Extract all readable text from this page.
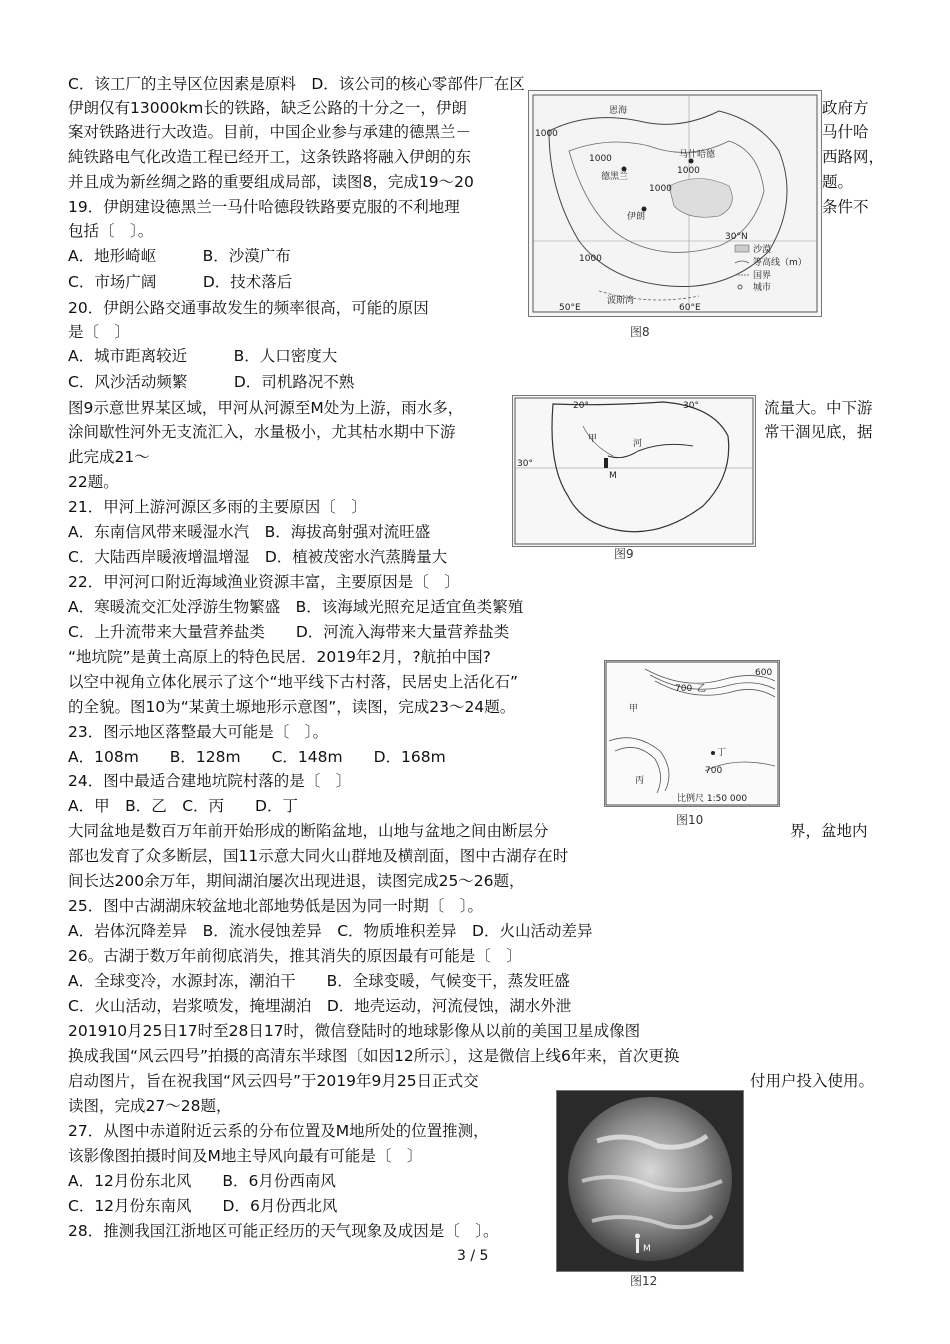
C．该工厂的主导区位因素是原料　D．该公司的核心零部件厂在区
伊朗仅有13000km长的铁路，缺乏公路的十分之一，伊朗	政府方
案对铁路进行大改造。目前，中国企业参与承建的德黑兰－	马什哈
純铁路电气化改造工程已经开工，这条铁路将融入伊朗的东	西路网，
并且成为新丝绸之路的重要组成局部，读图8，完成19～20	题。
19．伊朗建设德黑兰一马什哈德段铁路要克服的不利地理	条件不
包括〔　〕。
A．地形崎岖　　　B．沙漠广布
C．市场广阔　　　D．技术落后
20．伊朗公路交通事故发生的频率很高，可能的原因
是〔　〕
A．城市距离较近　　　B．人口密度大
C．风沙活动频繁　　　D．司机路况不熟
图9示意世界某区域，甲河从河源至M处为上游，雨水多，	流量大。中下游
涂间歇性河外无支流汇入，水量极小，尤其枯水期中下游	常干涸见底，据
此完成21～
22题。
21．甲河上游河源区多雨的主要原因〔　〕
A．东南信风带来暖湿水汽　B．海拔高射强对流旺盛
C．大陆西岸暖液增温增湿　D．植被茂密水汽蒸腾量大
22．甲河河口附近海域渔业资源丰富，主要原因是〔　〕
A．寒暖流交汇处浮游生物繁盛　B．该海域光照充足适宜鱼类繁殖
C．上升流带来大量营养盐类　　D．河流入海带来大量营养盐类
“地坑院”是黄土高原上的特色民居．2019年2月，?航拍中国?
以空中视角立体化展示了这个“地平线下古村落，民居史上活化石”
的全貌。图10为“某黄土塬地形示意图”，读图，完成23～24题。
23．图示地区落整最大可能是〔　〕。
A．108m　　B．128m　　C．148m　　D．168m
24．图中最适合建地坑院村落的是〔　〕
A．甲　B．乙　C．丙　　D．丁
大同盆地是数百万年前开始形成的断陷盆地，山地与盆地之间由断层分	界，盆地内
部也发育了众多断层，国11示意大同火山群地及横剖面，图中古湖存在时
间长达200余万年，期间湖泊屡次出现进退，读图完成25～26题，
25．图中古湖湖床较盆地北部地势低是因为同一时期〔　〕。
A．岩体沉降差异　B．流水侵蚀差异　C．物质堆积差异　D．火山活动差异
26。古湖于数万年前彻底消失，推其消失的原因最有可能是〔　〕
A．全球变冷，水源封冻，潮泊干　　B．全球变暖，气候变干，蒸发旺盛
C．火山活动，岩浆喷发，掩埋湖泊　D．地壳运动，河流侵蚀，湖水外泄
201910月25日17时至28日17时，微信登陆时的地球影像从以前的美国卫星成像图
换成我国“风云四号”拍摄的高清东半球图〔如因12所示〕，这是微信上线6年来，首次更换
启动图片，旨在祝我国“风云四号”于2019年9月25日正式交	付用户投入使用。
读图，完成27～28题，
27．从图中赤道附近云系的分布位置及M地所处的位置推测，
该影像图拍摄时间及M地主导风向最有可能是〔　〕
A．12月份东北风　　B．6月份西南风
C．12月份东南风　　D．6月份西北风
28．推测我国江浙地区可能正经历的天气现象及成因是〔　〕。
恩海
1000
1000
1000
1000
马什哈德
德黑兰
伊朗
1000
波斯湾
30°N
50°E	60°E
沙漠
等高线（m）
国界
城市
图8
20°	30°
30°
甲	河
M
图9
600
700 乙
甲
丁
700
丙
比例尺 1:50 000
图10
M
图12
3 / 5
